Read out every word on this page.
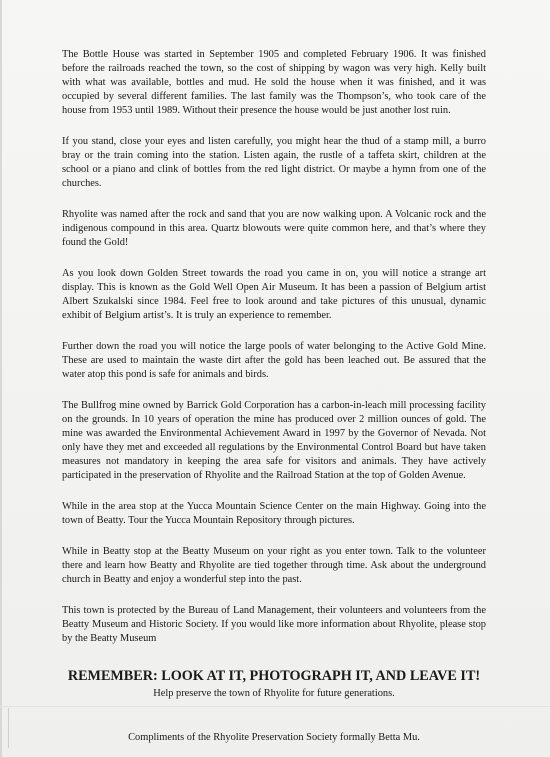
The Bottle House was started in September 1905 and completed February 1906. It was finished before the railroads reached the town, so the cost of shipping by wagon was very high. Kelly built with what was available, bottles and mud. He sold the house when it was finished, and it was occupied by several different families. The last family was the Thompson’s, who took care of the house from 1953 until 1989. Without their presence the house would be just another lost ruin.

If you stand, close your eyes and listen carefully, you might hear the thud of a stamp mill, a burro bray or the train coming into the station. Listen again, the rustle of a taffeta skirt, children at the school or a piano and clink of bottles from the red light district. Or maybe a hymn from one of the churches.

Rhyolite was named after the rock and sand that you are now walking upon. A Volcanic rock and the indigenous compound in this area. Quartz blowouts were quite common here, and that’s where they found the Gold!

As you look down Golden Street towards the road you came in on, you will notice a strange art display. This is known as the Gold Well Open Air Museum. It has been a passion of Belgium artist Albert Szukalski since 1984. Feel free to look around and take pictures of this unusual, dynamic exhibit of Belgium artist’s. It is truly an experience to remember.

Further down the road you will notice the large pools of water belonging to the Active Gold Mine. These are used to maintain the waste dirt after the gold has been leached out. Be assured that the water atop this pond is safe for animals and birds.

The Bullfrog mine owned by Barrick Gold Corporation has a carbon-in-leach mill processing facility on the grounds. In 10 years of operation the mine has produced over 2 million ounces of gold. The mine was awarded the Environmental Achievement Award in 1997 by the Governor of Nevada. Not only have they met and exceeded all regulations by the Environmental Control Board but have taken measures not mandatory in keeping the area safe for visitors and animals. They have actively participated in the preservation of Rhyolite and the Railroad Station at the top of Golden Avenue.

While in the area stop at the Yucca Mountain Science Center on the main Highway. Going into the town of Beatty. Tour the Yucca Mountain Repository through pictures.

While in Beatty stop at the Beatty Museum on your right as you enter town. Talk to the volunteer there and learn how Beatty and Rhyolite are tied together through time. Ask about the underground church in Beatty and enjoy a wonderful step into the past.

This town is protected by the Bureau of Land Management, their volunteers and volunteers from the Beatty Museum and Historic Society. If you would like more information about Rhyolite, please stop by the Beatty Museum

REMEMBER: LOOK AT IT, PHOTOGRAPH IT, AND LEAVE IT!

Help preserve the town of Rhyolite for future generations.

Compliments of the Rhyolite Preservation Society formally Betta Mu.
